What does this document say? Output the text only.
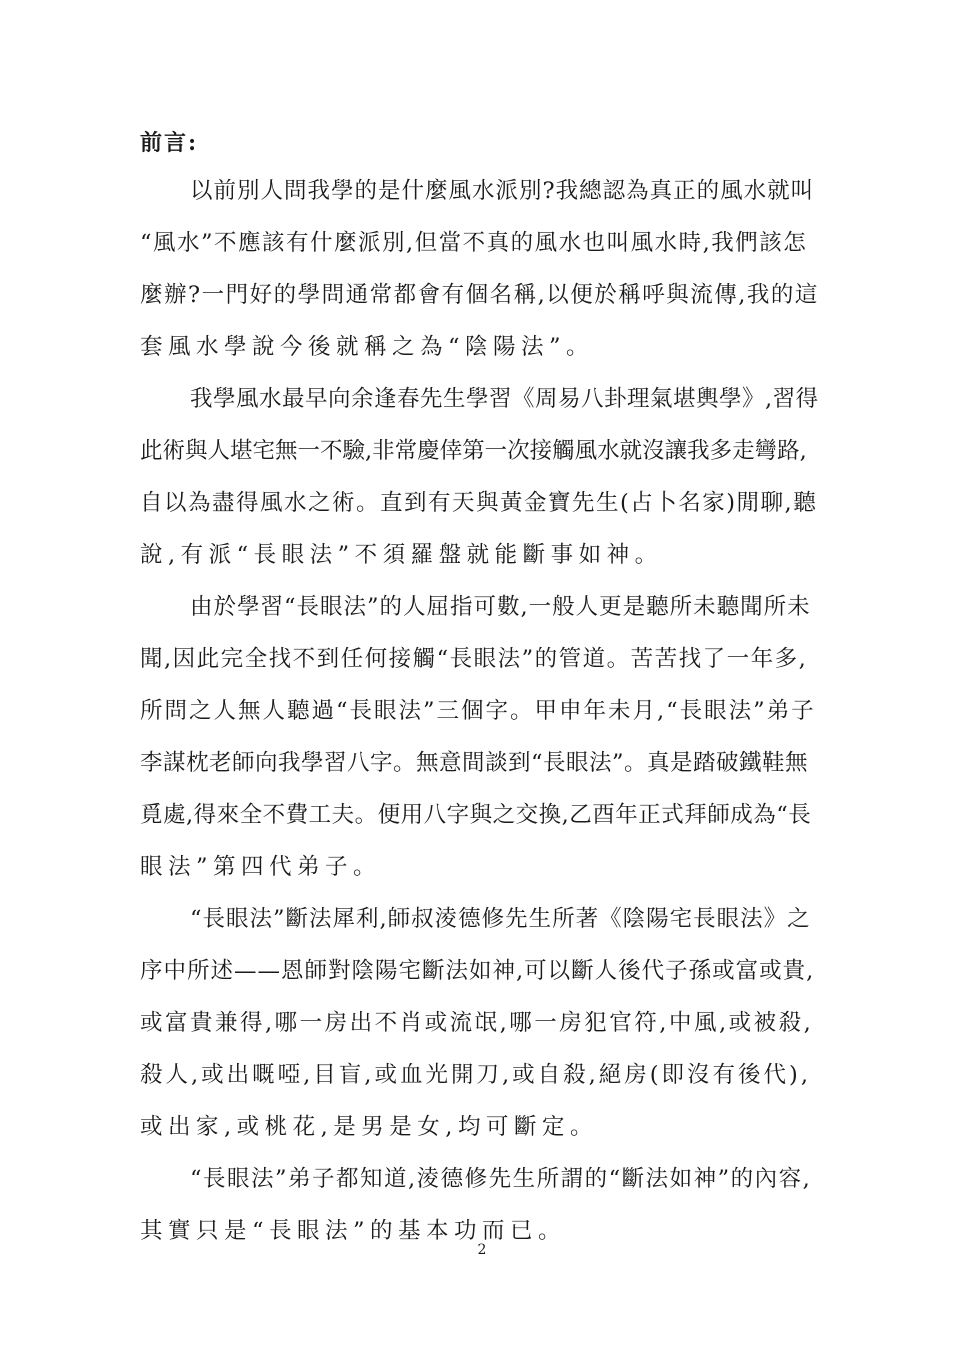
前言:
以前別人問我學的是什麼風水派別?我總認為真正的風水就叫
“風水”不應該有什麼派別,但當不真的風水也叫風水時,我們該怎
麼辦?一門好的學問通常都會有個名稱,以便於稱呼與流傳,我的這
套風水學說今後就稱之為“陰陽法”。
我學風水最早向余逢春先生學習《周易八卦理氣堪輿學》,習得
此術與人堪宅無一不驗,非常慶倖第一次接觸風水就沒讓我多走彎路,
自以為盡得風水之術。直到有天與黃金寶先生(占卜名家)閒聊,聽
說,有派“長眼法”不須羅盤就能斷事如神。
由於學習“長眼法”的人屈指可數,一般人更是聽所未聽聞所未
聞,因此完全找不到任何接觸“長眼法”的管道。苦苦找了一年多,
所問之人無人聽過“長眼法”三個字。甲申年未月,“長眼法”弟子
李謀枕老師向我學習八字。無意間談到“長眼法”。真是踏破鐵鞋無
覓處,得來全不費工夫。便用八字與之交換,乙酉年正式拜師成為“長
眼法”第四代弟子。
“長眼法”斷法犀利,師叔淩德修先生所著《陰陽宅長眼法》之
序中所述——恩師對陰陽宅斷法如神,可以斷人後代子孫或富或貴,
或富貴兼得,哪一房出不肖或流氓,哪一房犯官符,中風,或被殺,
殺人,或出嘅啞,目盲,或血光開刀,或自殺,絕房(即沒有後代),
或出家,或桃花,是男是女,均可斷定。
“長眼法”弟子都知道,淩德修先生所謂的“斷法如神”的內容,
其實只是“長眼法”的基本功而已。
2
